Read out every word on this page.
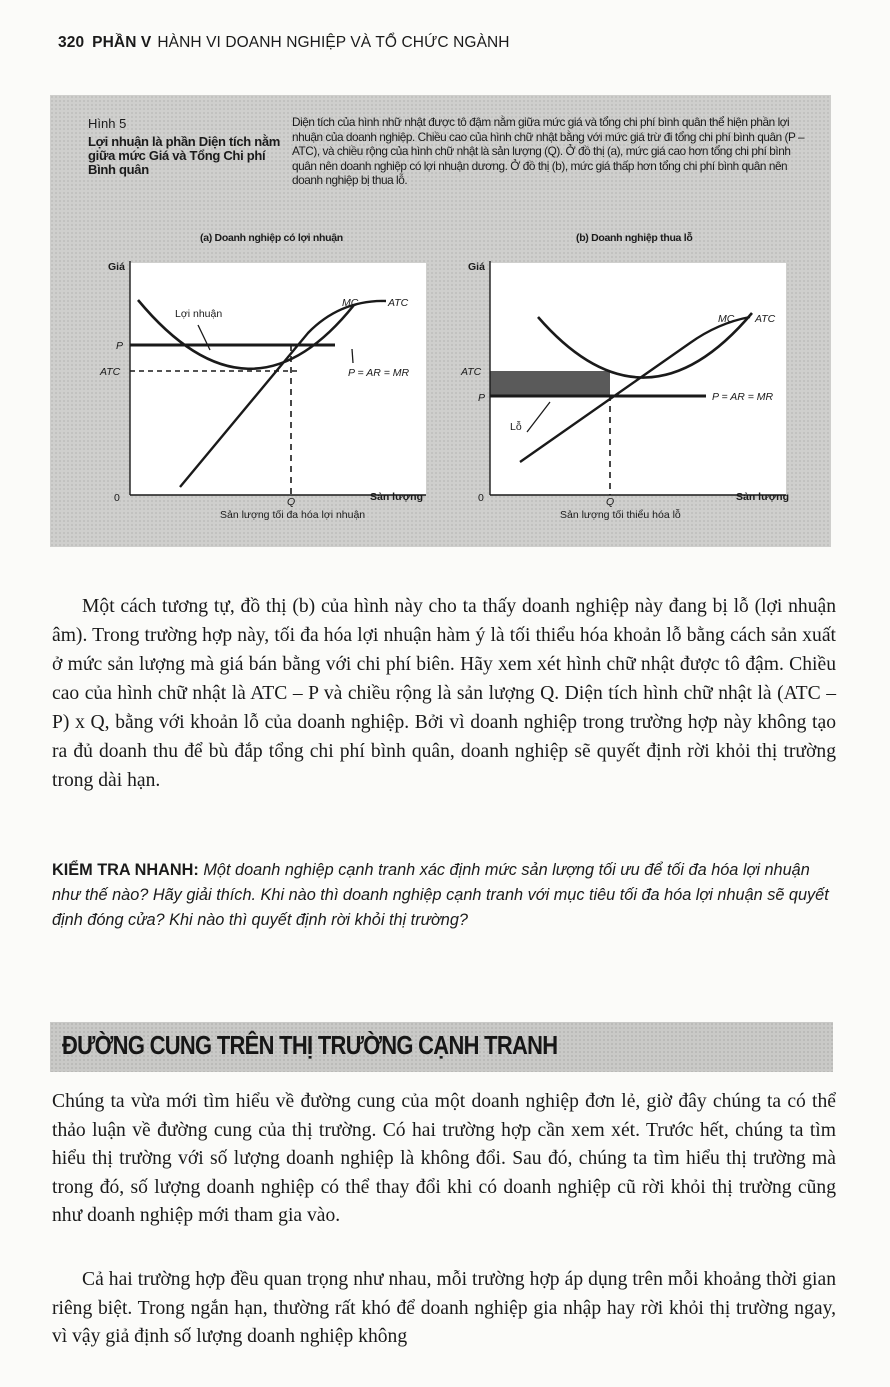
320 PHẦN V HÀNH VI DOANH NGHIỆP VÀ TỔ CHỨC NGÀNH
Hình 5
Lợi nhuận là phần Diện tích nằm giữa mức Giá và Tổng Chi phí Bình quân
Diện tích của hình nhữ nhật được tô đậm nằm giữa mức giá và tổng chi phí bình quân thể hiện phần lợi nhuận của doanh nghiệp. Chiều cao của hình chữ nhật bằng với mức giá trừ đi tổng chi phí bình quân (P – ATC), và chiều rộng của hình chữ nhật là sản lượng (Q). Ở đồ thị (a), mức giá cao hơn tổng chi phí bình quân nên doanh nghiệp có lợi nhuận dương. Ở đồ thị (b), mức giá thấp hơn tổng chi phí bình quân nên doanh nghiệp bị thua lỗ.
(a) Doanh nghiệp có lợi nhuận	(b) Doanh nghiệp thua lỗ
Giá
P
ATC
Lợi nhuận
MC	ATC
P = AR = MR
0	Q	Sản lượng
Sản lượng tối đa hóa lợi nhuận
Giá
ATC
P
Lỗ
MC ATC
P = AR = MR
0	Q	Sản lượng
Sản lượng tối thiểu hóa lỗ

Một cách tương tự, đồ thị (b) của hình này cho ta thấy doanh nghiệp này đang bị lỗ (lợi nhuận âm). Trong trường hợp này, tối đa hóa lợi nhuận hàm ý là tối thiểu hóa khoản lỗ bằng cách sản xuất ở mức sản lượng mà giá bán bằng với chi phí biên. Hãy xem xét hình chữ nhật được tô đậm. Chiều cao của hình chữ nhật là ATC – P và chiều rộng là sản lượng Q. Diện tích hình chữ nhật là (ATC – P) x Q, bằng với khoản lỗ của doanh nghiệp. Bởi vì doanh nghiệp trong trường hợp này không tạo ra đủ doanh thu để bù đắp tổng chi phí bình quân, doanh nghiệp sẽ quyết định rời khỏi thị trường trong dài hạn.

KIỂM TRA NHANH: Một doanh nghiệp cạnh tranh xác định mức sản lượng tối ưu để tối đa hóa lợi nhuận như thế nào? Hãy giải thích. Khi nào thì doanh nghiệp cạnh tranh với mục tiêu tối đa hóa lợi nhuận sẽ quyết định đóng cửa? Khi nào thì quyết định rời khỏi thị trường?

ĐƯỜNG CUNG TRÊN THỊ TRƯỜNG CẠNH TRANH

Chúng ta vừa mới tìm hiểu về đường cung của một doanh nghiệp đơn lẻ, giờ đây chúng ta có thể thảo luận về đường cung của thị trường. Có hai trường hợp cần xem xét. Trước hết, chúng ta tìm hiểu thị trường với số lượng doanh nghiệp là không đổi. Sau đó, chúng ta tìm hiểu thị trường mà trong đó, số lượng doanh nghiệp có thể thay đổi khi có doanh nghiệp cũ rời khỏi thị trường cũng như doanh nghiệp mới tham gia vào.

Cả hai trường hợp đều quan trọng như nhau, mỗi trường hợp áp dụng trên mỗi khoảng thời gian riêng biệt. Trong ngắn hạn, thường rất khó để doanh nghiệp gia nhập hay rời khỏi thị trường ngay, vì vậy giả định số lượng doanh nghiệp không
